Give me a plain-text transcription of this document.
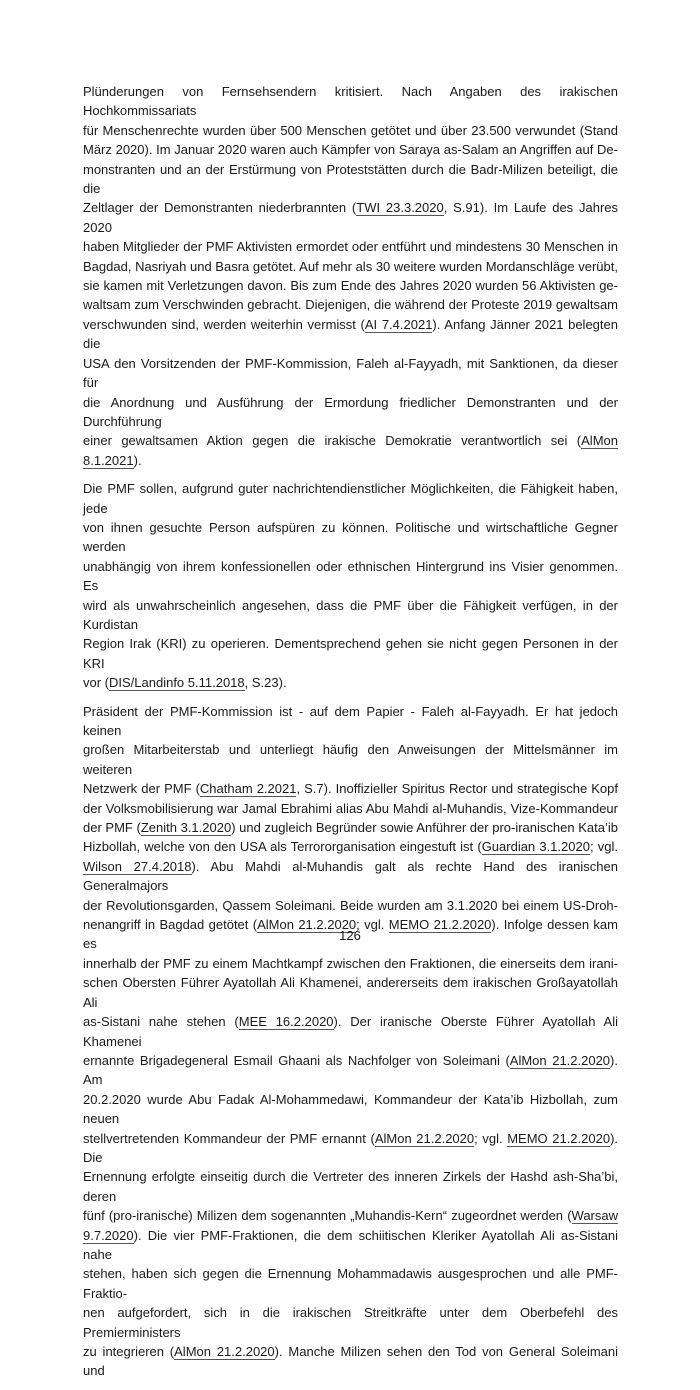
Plünderungen von Fernsehsendern kritisiert. Nach Angaben des irakischen Hochkommissariats
für Menschenrechte wurden über 500 Menschen getötet und über 23.500 verwundet (Stand
März 2020). Im Januar 2020 waren auch Kämpfer von Saraya as-Salam an Angriffen auf De-
monstranten und an der Erstürmung von Proteststätten durch die Badr-Milizen beteiligt, die die
Zeltlager der Demonstranten niederbrannten (TWI 23.3.2020, S.91). Im Laufe des Jahres 2020
haben Mitglieder der PMF Aktivisten ermordet oder entführt und mindestens 30 Menschen in
Bagdad, Nasriyah und Basra getötet. Auf mehr als 30 weitere wurden Mordanschläge verübt,
sie kamen mit Verletzungen davon. Bis zum Ende des Jahres 2020 wurden 56 Aktivisten ge-
waltsam zum Verschwinden gebracht. Diejenigen, die während der Proteste 2019 gewaltsam
verschwunden sind, werden weiterhin vermisst (AI 7.4.2021). Anfang Jänner 2021 belegten die
USA den Vorsitzenden der PMF-Kommission, Faleh al-Fayyadh, mit Sanktionen, da dieser für
die Anordnung und Ausführung der Ermordung friedlicher Demonstranten und der Durchführung
einer gewaltsamen Aktion gegen die irakische Demokratie verantwortlich sei (AlMon 8.1.2021).
Die PMF sollen, aufgrund guter nachrichtendienstlicher Möglichkeiten, die Fähigkeit haben, jede
von ihnen gesuchte Person aufspüren zu können. Politische und wirtschaftliche Gegner werden
unabhängig von ihrem konfessionellen oder ethnischen Hintergrund ins Visier genommen. Es
wird als unwahrscheinlich angesehen, dass die PMF über die Fähigkeit verfügen, in der Kurdistan
Region Irak (KRI) zu operieren. Dementsprechend gehen sie nicht gegen Personen in der KRI
vor (DIS/Landinfo 5.11.2018, S.23).
Präsident der PMF-Kommission ist - auf dem Papier - Faleh al-Fayyadh. Er hat jedoch keinen
großen Mitarbeiterstab und unterliegt häufig den Anweisungen der Mittelsmänner im weiteren
Netzwerk der PMF (Chatham 2.2021, S.7). Inoffizieller Spiritus Rector und strategische Kopf
der Volksmobilisierung war Jamal Ebrahimi alias Abu Mahdi al-Muhandis, Vize-Kommandeur
der PMF (Zenith 3.1.2020) und zugleich Begründer sowie Anführer der pro-iranischen Kata’ib
Hizbollah, welche von den USA als Terrororganisation eingestuft ist (Guardian 3.1.2020; vgl.
Wilson 27.4.2018). Abu Mahdi al-Muhandis galt als rechte Hand des iranischen Generalmajors
der Revolutionsgarden, Qassem Soleimani. Beide wurden am 3.1.2020 bei einem US-Droh-
nenangriff in Bagdad getötet (AlMon 21.2.2020; vgl. MEMO 21.2.2020). Infolge dessen kam es
innerhalb der PMF zu einem Machtkampf zwischen den Fraktionen, die einerseits dem irani-
schen Obersten Führer Ayatollah Ali Khamenei, andererseits dem irakischen Großayatollah Ali
as-Sistani nahe stehen (MEE 16.2.2020). Der iranische Oberste Führer Ayatollah Ali Khamenei
ernannte Brigadegeneral Esmail Ghaani als Nachfolger von Soleimani (AlMon 21.2.2020). Am
20.2.2020 wurde Abu Fadak Al-Mohammedawi, Kommandeur der Kata’ib Hizbollah, zum neuen
stellvertretenden Kommandeur der PMF ernannt (AlMon 21.2.2020; vgl. MEMO 21.2.2020). Die
Ernennung erfolgte einseitig durch die Vertreter des inneren Zirkels der Hashd ash-Sha’bi, deren
fünf (pro-iranische) Milizen dem sogenannten „Muhandis-Kern“ zugeordnet werden (Warsaw
9.7.2020). Die vier PMF-Fraktionen, die dem schiitischen Kleriker Ayatollah Ali as-Sistani nahe
stehen, haben sich gegen die Ernennung Mohammadawis ausgesprochen und alle PMF-Fraktio-
nen aufgefordert, sich in die irakischen Streitkräfte unter dem Oberbefehl des Premierministers
zu integrieren (AlMon 21.2.2020). Manche Milizen sehen den Tod von General Soleimani und
126
